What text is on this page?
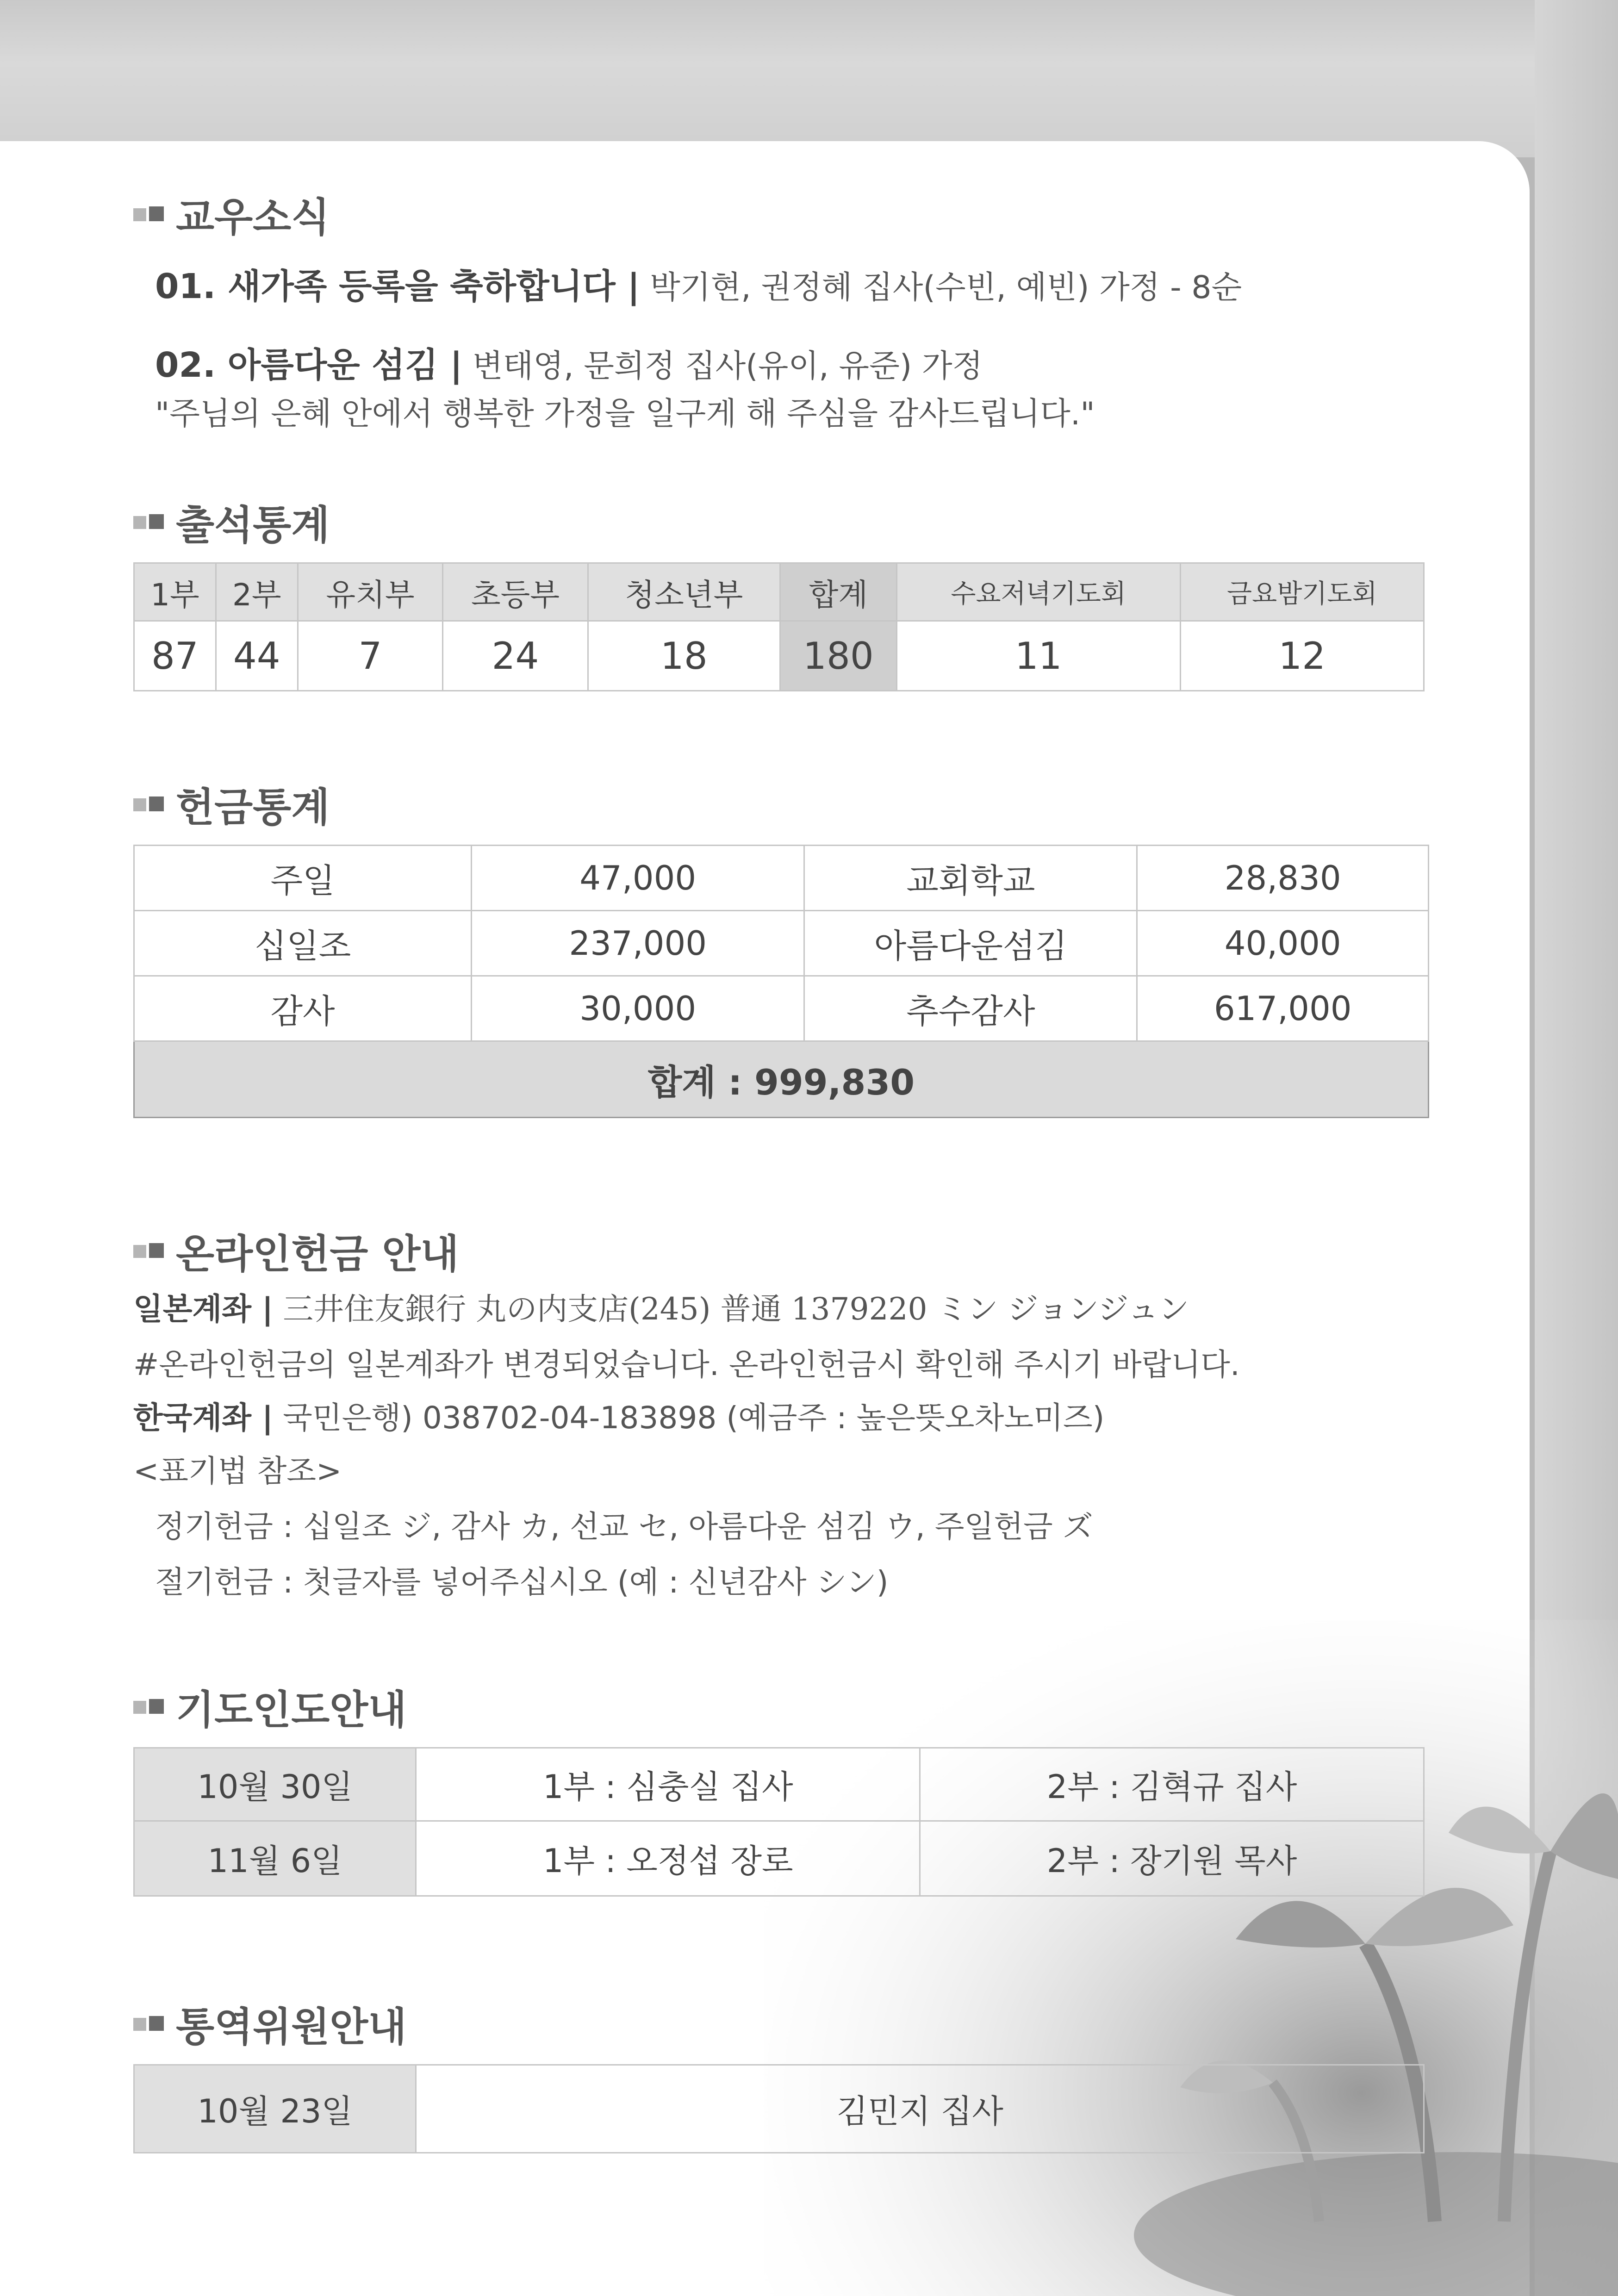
교우소식
01. 새가족 등록을 축하합니다 | 박기현, 권정혜 집사(수빈, 예빈) 가정 - 8순
02. 아름다운 섬김 | 변태영, 문희정 집사(유이, 유준) 가정
"주님의 은혜 안에서 행복한 가정을 일구게 해 주심을 감사드립니다."
출석통계
1부	2부	유치부	초등부	청소년부	합계	수요저녁기도회	금요밤기도회
87	44	7	24	18	180	11	12
헌금통계
주일	47,000	교회학교	28,830
십일조	237,000	아름다운섬김	40,000
감사	30,000	추수감사	617,000
합계 : 999,830			
온라인헌금 안내
일본계좌 | 三井住友銀行 丸の内支店(245) 普通 1379220 ミン ジョンジュン
#온라인헌금의 일본계좌가 변경되었습니다. 온라인헌금시 확인해 주시기 바랍니다.
한국계좌 | 국민은행) 038702-04-183898 (예금주 : 높은뜻오차노미즈)
<표기법 참조>
정기헌금 : 십일조 ジ, 감사 カ, 선교 セ, 아름다운 섬김 ウ, 주일헌금 ズ
절기헌금 : 첫글자를 넣어주십시오 (예 : 신년감사 シン)
기도인도안내
10월 30일	1부 : 심충실 집사	2부 : 김혁규 집사
11월 6일	1부 : 오정섭 장로	2부 : 장기원 목사
통역위원안내
10월 23일	김민지 집사
